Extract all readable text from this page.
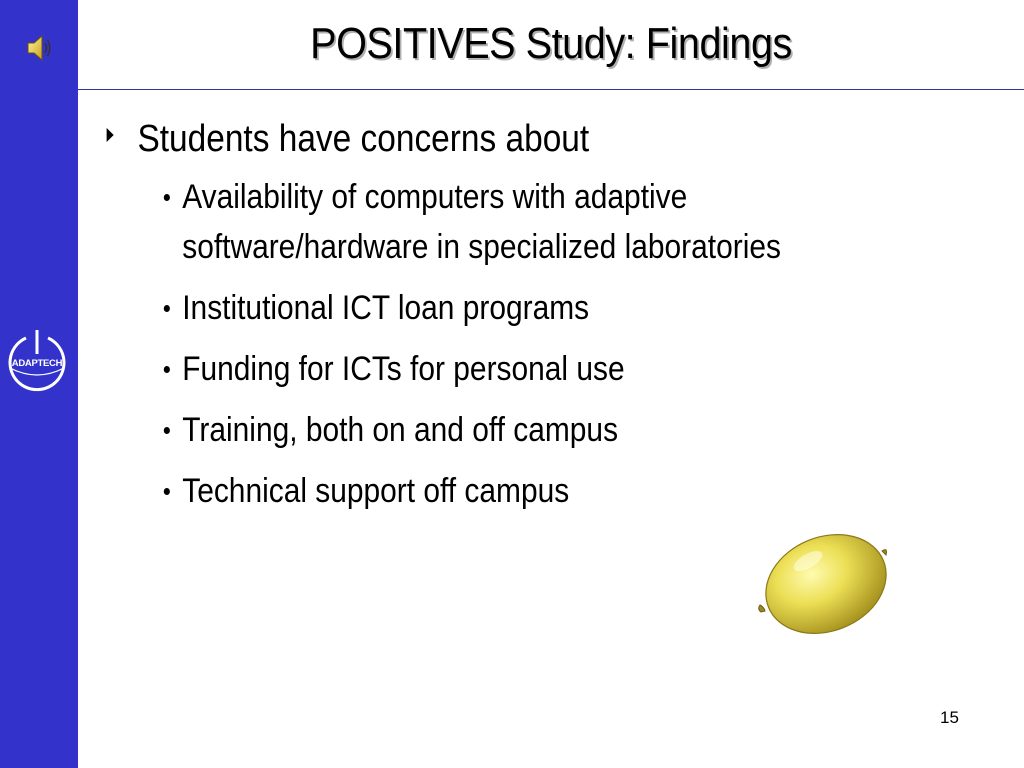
ADAPTECH
POSITIVES Study: Findings
Students have concerns about
Availability of computers with adaptive software/hardware in specialized laboratories
Institutional ICT loan programs
Funding for ICTs for personal use
Training, both on and off campus
Technical support off campus
15
